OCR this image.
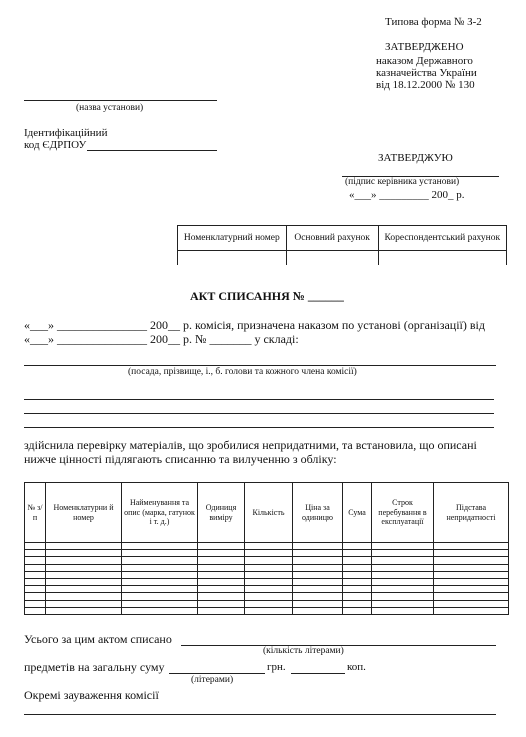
Типова форма № З-2
ЗАТВЕРДЖЕНО
наказом Державного
казначейства України
від 18.12.2000 № 130
(назва установи)
Ідентифікаційний
код ЄДРПОУ
ЗАТВЕРДЖУЮ
(підпис керівника установи)
«___» _________ 200_ р.
Номенклатурний номер	Основний рахунок	Кореспондентський рахунок

АКТ СПИСАННЯ № ______
«___» _______________ 200__ р. комісія, призначена наказом по установі (організації) від
«___» _______________ 200__ р. № _______ у складі:
(посада, прізвище, і., б. голови та кожного члена комісії)
здійснила перевірку матеріалів, що зробилися непридатними, та встановила, що описані
нижче цінності підлягають списанню та вилученню з обліку:
№ з/п	Номенклатурни й номер	Найменування та опис (марка, гатунок і т. д.)	Одиниця виміру	Кількість	Ціна за одиницю	Сума	Строк перебування в експлуатації	Підстава непридатності

Усього за цим актом списано
(кількість літерами)
предметів на загальну суму	грн.	коп.
(літерами)
Окремі зауваження комісії
